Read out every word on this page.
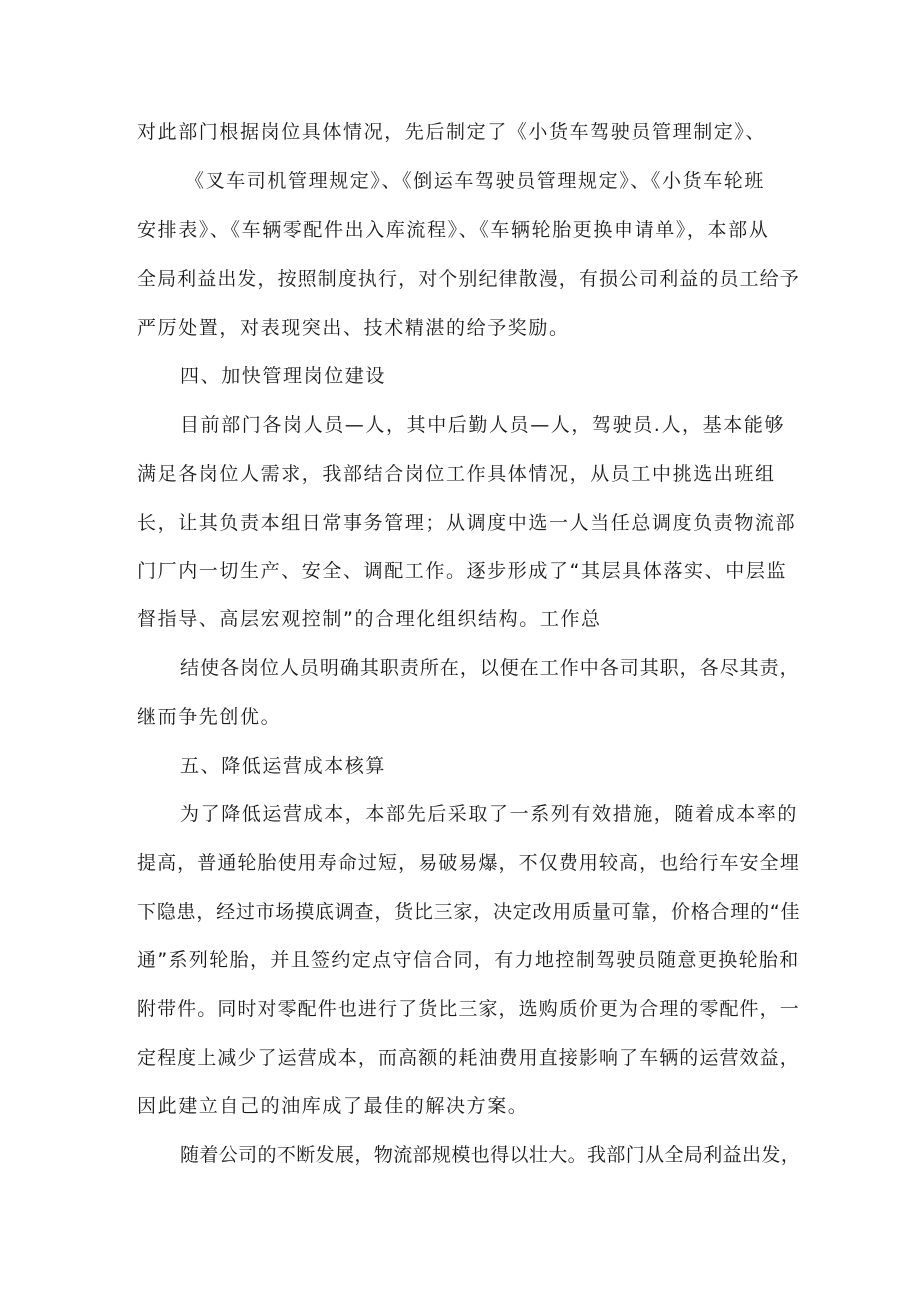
对此部门根据岗位具体情况，先后制定了《小货车驾驶员管理制定》、
《叉车司机管理规定》、《倒运车驾驶员管理规定》、《小货车轮班
安排表》、《车辆零配件出入库流程》、《车辆轮胎更换申请单》，本部从
全局利益出发，按照制度执行，对个别纪律散漫，有损公司利益的员工给予
严厉处置，对表现突出、技术精湛的给予奖励。
四、加快管理岗位建设
目前部门各岗人员—人，其中后勤人员—人，驾驶员.人，基本能够
满足各岗位人需求，我部结合岗位工作具体情况，从员工中挑选出班组
长，让其负责本组日常事务管理；从调度中选一人当任总调度负责物流部
门厂内一切生产、安全、调配工作。逐步形成了“其层具体落实、中层监
督指导、高层宏观控制”的合理化组织结构。工作总
结使各岗位人员明确其职责所在，以便在工作中各司其职，各尽其责，
继而争先创优。
五、降低运营成本核算
为了降低运营成本，本部先后采取了一系列有效措施，随着成本率的
提高，普通轮胎使用寿命过短，易破易爆，不仅费用较高，也给行车安全埋
下隐患，经过市场摸底调查，货比三家，决定改用质量可靠，价格合理的“佳
通”系列轮胎，并且签约定点守信合同，有力地控制驾驶员随意更换轮胎和
附带件。同时对零配件也进行了货比三家，选购质价更为合理的零配件，一
定程度上减少了运营成本，而高额的耗油费用直接影响了车辆的运营效益，
因此建立自己的油库成了最佳的解决方案。
随着公司的不断发展，物流部规模也得以壮大。我部门从全局利益出发，
